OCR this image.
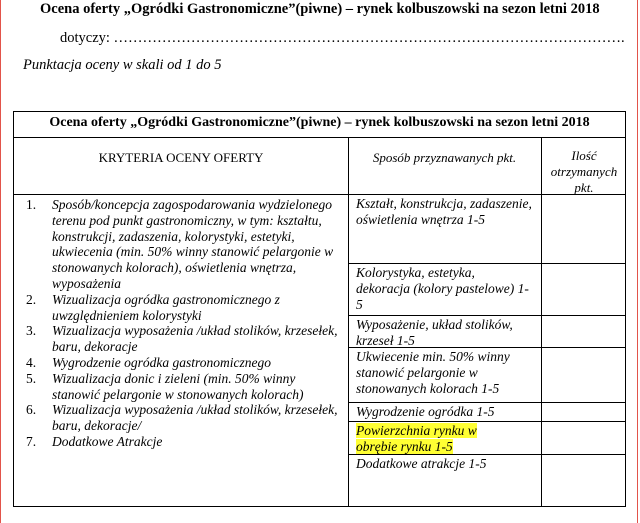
Ocena oferty „Ogródki Gastronomiczne”(piwne) – rynek kolbuszowski na sezon letni 2018
dotyczy: …………………………………………………………………………………………….
Punktacja oceny w skali od 1 do 5
Ocena oferty „Ogródki Gastronomiczne”(piwne) – rynek kolbuszowski na sezon letni 2018
KRYTERIA OCENY OFERTY	Sposób przyznawanych pkt.	Ilość
otrzymanych
pkt.
1. Sposób/koncepcja zagospodarowania wydzielonego terenu pod punkt gastronomiczny, w tym: kształtu, konstrukcji, zadaszenia, kolorystyki, estetyki, ukwiecenia (min. 50% winny stanowić pelargonie w stonowanych kolorach), oświetlenia wnętrza, wyposażenia
2. Wizualizacja ogródka gastronomicznego z uwzględnieniem kolorystyki
3. Wizualizacja wyposażenia /układ stolików, krzesełek, baru, dekoracje
4. Wygrodzenie ogródka gastronomicznego
5. Wizualizacja donic i zieleni (min. 50% winny stanowić pelargonie w stonowanych kolorach)
6. Wizualizacja wyposażenia /układ stolików, krzesełek, baru, dekoracje/
7. Dodatkowe Atrakcje
Kształt, konstrukcja, zadaszenie, oświetlenia wnętrza 1-5
Kolorystyka, estetyka, dekoracja (kolory pastelowe) 1-5
Wyposażenie, układ stolików, krzeseł 1-5
Ukwiecenie min. 50% winny stanowić pelargonie w stonowanych kolorach 1-5
Wygrodzenie ogródka 1-5
Powierzchnia rynku w obrębie rynku 1-5
Dodatkowe atrakcje 1-5
